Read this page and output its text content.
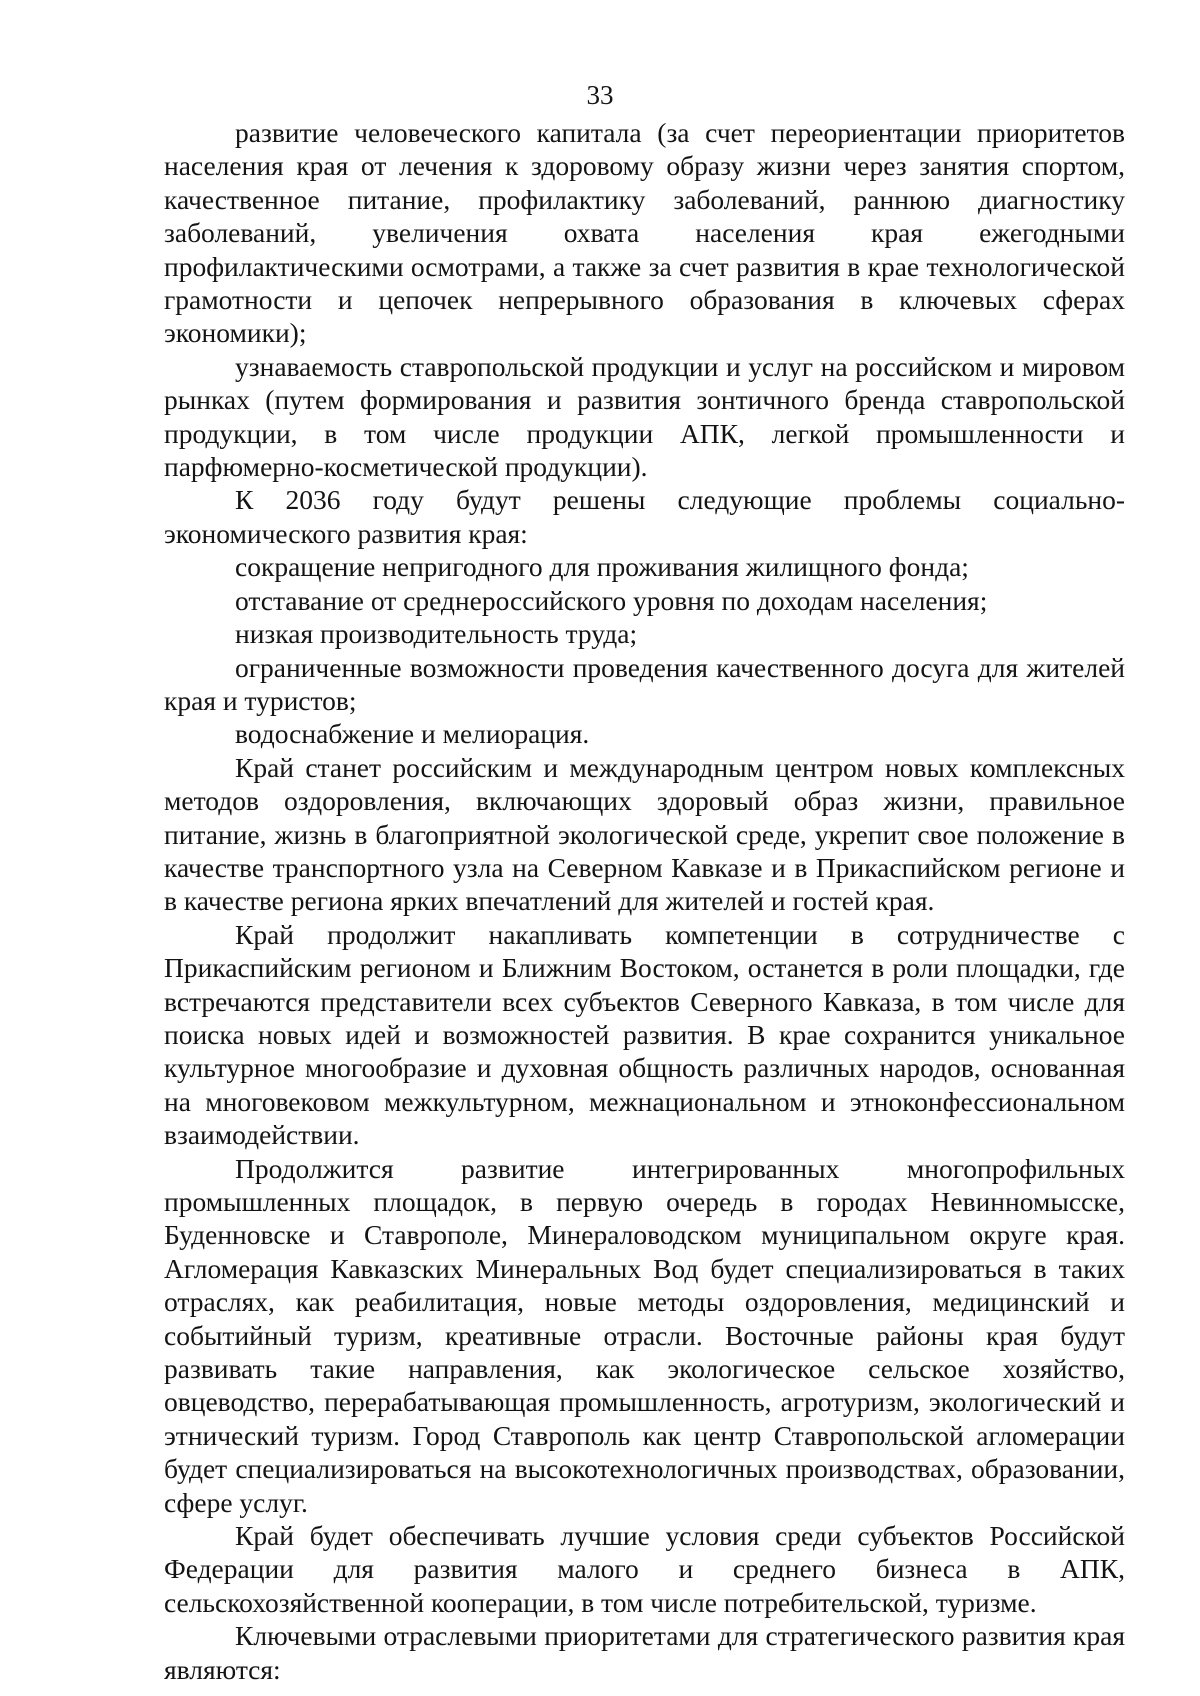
33

развитие человеческого капитала (за счет переориентации приоритетов населения края от лечения к здоровому образу жизни через занятия спортом, качественное питание, профилактику заболеваний, раннюю диагностику заболеваний, увеличения охвата населения края ежегодными профилактическими осмотрами, а также за счет развития в крае технологической грамотности и цепочек непрерывного образования в ключевых сферах экономики);

узнаваемость ставропольской продукции и услуг на российском и мировом рынках (путем формирования и развития зонтичного бренда ставропольской продукции, в том числе продукции АПК, легкой промышленности и парфюмерно-косметической продукции).

К 2036 году будут решены следующие проблемы социально-экономического развития края:

сокращение непригодного для проживания жилищного фонда;

отставание от среднероссийского уровня по доходам населения;

низкая производительность труда;

ограниченные возможности проведения качественного досуга для жителей края и туристов;

водоснабжение и мелиорация.

Край станет российским и международным центром новых комплексных методов оздоровления, включающих здоровый образ жизни, правильное питание, жизнь в благоприятной экологической среде, укрепит свое положение в качестве транспортного узла на Северном Кавказе и в Прикаспийском регионе и в качестве региона ярких впечатлений для жителей и гостей края.

Край продолжит накапливать компетенции в сотрудничестве с Прикаспийским регионом и Ближним Востоком, останется в роли площадки, где встречаются представители всех субъектов Северного Кавказа, в том числе для поиска новых идей и возможностей развития. В крае сохранится уникальное культурное многообразие и духовная общность различных народов, основанная на многовековом межкультурном, межнациональном и этноконфессиональном взаимодействии.

Продолжится развитие интегрированных многопрофильных промышленных площадок, в первую очередь в городах Невинномысске, Буденновске и Ставрополе, Минераловодском муниципальном округе края. Агломерация Кавказских Минеральных Вод будет специализироваться в таких отраслях, как реабилитация, новые методы оздоровления, медицинский и событийный туризм, креативные отрасли. Восточные районы края будут развивать такие направления, как экологическое сельское хозяйство, овцеводство, перерабатывающая промышленность, агротуризм, экологический и этнический туризм. Город Ставрополь как центр Ставропольской агломерации будет специализироваться на высокотехнологичных производствах, образовании, сфере услуг.

Край будет обеспечивать лучшие условия среди субъектов Российской Федерации для развития малого и среднего бизнеса в АПК, сельскохозяйственной кооперации, в том числе потребительской, туризме.

Ключевыми отраслевыми приоритетами для стратегического развития края являются:
